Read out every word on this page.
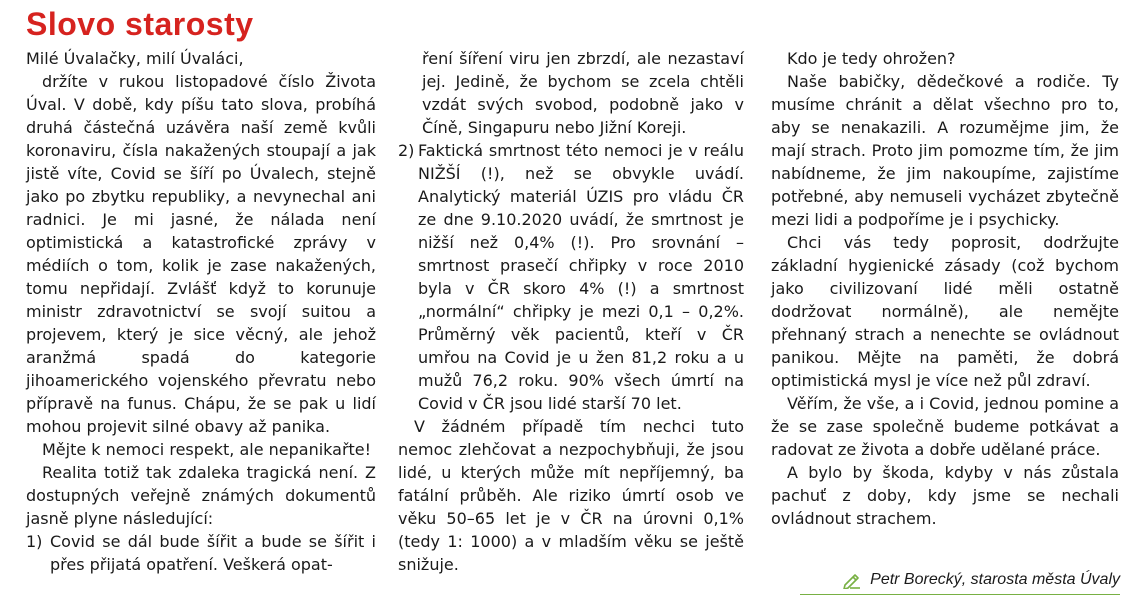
Slovo starosty

Milé Úvalačky, milí Úvaláci,

držíte v rukou listopadové číslo Života Úval. V době, kdy píšu tato slova, probíhá druhá částečná uzávěra naší země kvůli koronaviru, čísla nakažených stoupají a jak jistě víte, Covid se šíří po Úvalech, stejně jako po zbytku republiky, a nevynechal ani radnici. Je mi jasné, že nálada není optimistická a katastrofické zprávy v médiích o tom, kolik je zase nakažených, tomu nepřidají. Zvlášť když to korunuje ministr zdravotnictví se svojí suitou a projevem, který je sice věcný, ale jehož aranžmá spadá do kategorie jihoamerického vojenského převratu nebo přípravě na funus. Chápu, že se pak u lidí mohou projevit silné obavy až panika.

Mějte k nemoci respekt, ale nepanikařte!

Realita totiž tak zdaleka tragická není. Z dostupných veřejně známých dokumentů jasně plyne následující:

1) Covid se dál bude šířit a bude se šířit i přes přijatá opatření. Veškerá opat-

ření šíření viru jen zbrzdí, ale nezastaví jej. Jedině, že bychom se zcela chtěli vzdát svých svobod, podobně jako v Číně, Singapuru nebo Jižní Koreji.

2) Faktická smrtnost této nemoci je v reálu NIŽŠÍ (!), než se obvykle uvádí. Analytický materiál ÚZIS pro vládu ČR ze dne 9.10.2020 uvádí, že smrtnost je nižší než 0,4% (!). Pro srovnání – smrtnost prasečí chřipky v roce 2010 byla v ČR skoro 4% (!) a smrtnost „normální“ chřipky je mezi 0,1 – 0,2%. Průměrný věk pacientů, kteří v ČR umřou na Covid je u žen 81,2 roku a u mužů 76,2 roku. 90% všech úmrtí na Covid v ČR jsou lidé starší 70 let.

V žádném případě tím nechci tuto nemoc zlehčovat a nezpochybňuji, že jsou lidé, u kterých může mít nepříjemný, ba fatální průběh. Ale riziko úmrtí osob ve věku 50–65 let je v ČR na úrovni 0,1% (tedy 1: 1000) a v mladším věku se ještě snižuje.

Kdo je tedy ohrožen?

Naše babičky, dědečkové a rodiče. Ty musíme chránit a dělat všechno pro to, aby se nenakazili. A rozumějme jim, že mají strach. Proto jim pomozme tím, že jim nabídneme, že jim nakoupíme, zajistíme potřebné, aby nemuseli vycházet zbytečně mezi lidi a podpoříme je i psychicky.

Chci vás tedy poprosit, dodržujte základní hygienické zásady (což bychom jako civilizovaní lidé měli ostatně dodržovat normálně), ale nemějte přehnaný strach a nenechte se ovládnout panikou. Mějte na paměti, že dobrá optimistická mysl je více než půl zdraví.

Věřím, že vše, a i Covid, jednou pomine a že se zase společně budeme potkávat a radovat ze života a dobře udělané práce.

A bylo by škoda, kdyby v nás zůstala pachuť z doby, kdy jsme se nechali ovládnout strachem.

Petr Borecký, starosta města Úvaly
